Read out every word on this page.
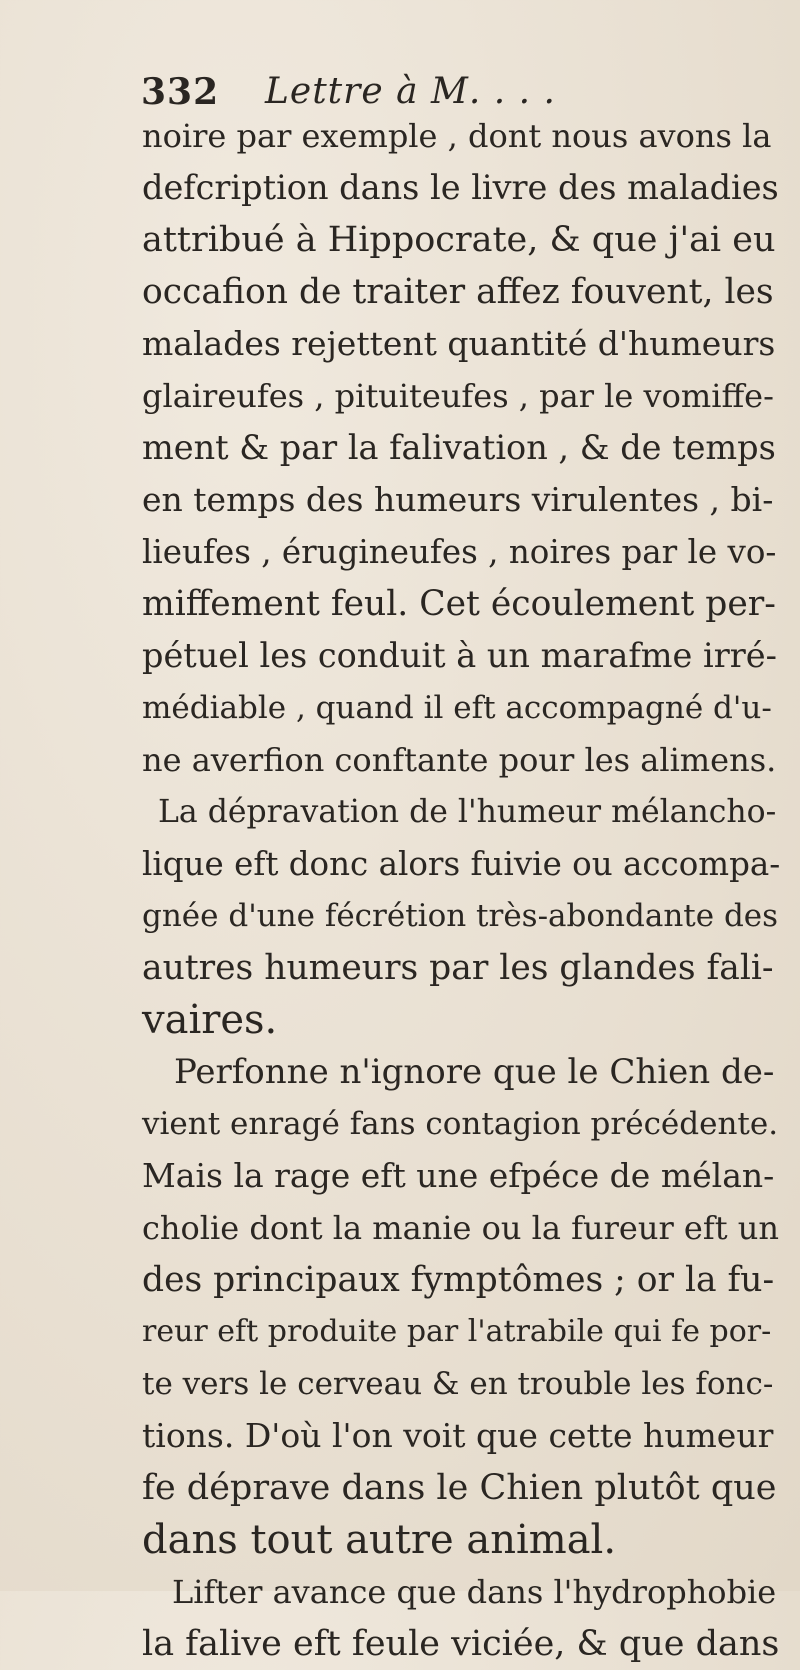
332 Lettre à M. . . .
noire par exemple , dont nous avons la
defcription dans le livre des maladies
attribué à Hippocrate, & que j'ai eu
occafion de traiter affez fouvent, les
malades rejettent quantité d'humeurs
glaireufes , pituiteufes , par le vomiffe-
ment & par la falivation , & de temps
en temps des humeurs virulentes , bi-
lieufes , érugineufes , noires par le vo-
miffement feul. Cet écoulement per-
pétuel les conduit à un marafme irré-
médiable , quand il eft accompagné d'u-
ne averfion conftante pour les alimens.
La dépravation de l'humeur mélancho-
lique eft donc alors fuivie ou accompa-
gnée d'une fécrétion très-abondante des
autres humeurs par les glandes fali-
vaires.
Perfonne n'ignore que le Chien de-
vient enragé fans contagion précédente.
Mais la rage eft une efpéce de mélan-
cholie dont la manie ou la fureur eft un
des principaux fymptômes ; or la fu-
reur eft produite par l'atrabile qui fe por-
te vers le cerveau & en trouble les fonc-
tions. D'où l'on voit que cette humeur
fe déprave dans le Chien plutôt que
dans tout autre animal.
Lifter avance que dans l'hydrophobie
la falive eft feule viciée, & que dans
